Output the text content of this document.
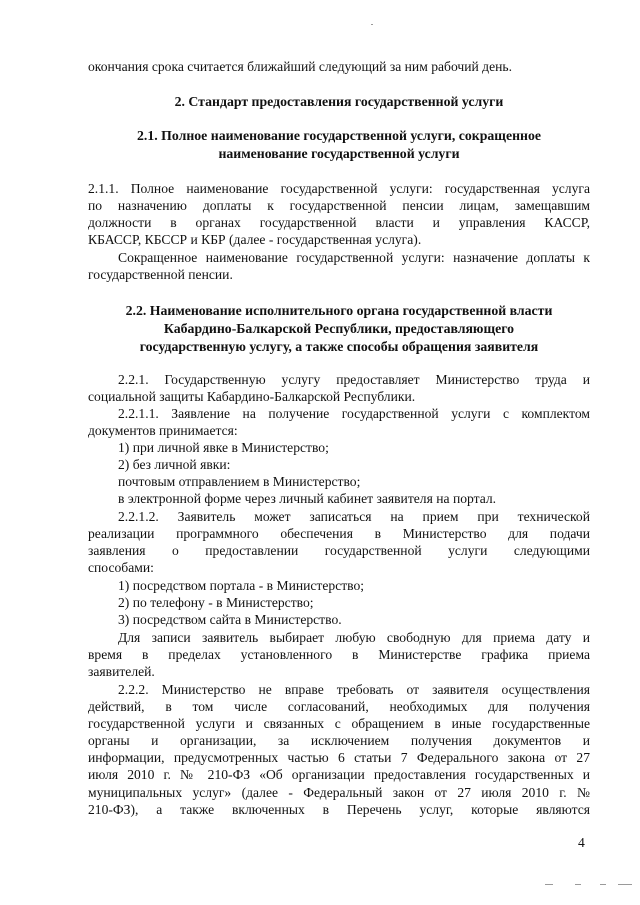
окончания срока считается ближайший следующий за ним рабочий день.

2. Стандарт предоставления государственной услуги
2.1. Полное наименование государственной услуги, сокращенное
наименование государственной услуги

2.1.1. Полное наименование государственной услуги: государственная услуга

по назначению доплаты к государственной пенсии лицам, замещавшим

должности в органах государственной власти и управления КАССР,

КБАССР, КБССР и КБР (далее - государственная услуга).

Сокращенное наименование государственной услуги: назначение доплаты к

государственной пенсии.

2.2. Наименование исполнительного органа государственной власти
Кабардино-Балкарской Республики, предоставляющего
государственную услугу, а также способы обращения заявителя

2.2.1. Государственную услугу предоставляет Министерство труда и

социальной защиты Кабардино-Балкарской Республики.

2.2.1.1. Заявление на получение государственной услуги с комплектом

документов принимается:

1) при личной явке в Министерство;

2) без личной явки:

почтовым отправлением в Министерство;

в электронной форме через личный кабинет заявителя на портал.

2.2.1.2. Заявитель может записаться на прием при технической

реализации программного обеспечения в Министерство для подачи

заявления о предоставлении государственной услуги следующими

способами:

1) посредством портала - в Министерство;

2) по телефону - в Министерство;

3) посредством сайта в Министерство.

Для записи заявитель выбирает любую свободную для приема дату и

время в пределах установленного в Министерстве графика приема

заявителей.

2.2.2. Министерство не вправе требовать от заявителя осуществления

действий, в том числе согласований, необходимых для получения

государственной услуги и связанных с обращением в иные государственные

органы и организации, за исключением получения документов и

информации, предусмотренных частью 6 статьи 7 Федерального закона от 27

июля 2010 г. № 210-ФЗ «Об организации предоставления государственных и

муниципальных услуг» (далее - Федеральный закон от 27 июля 2010 г. №

210-ФЗ), а также включенных в Перечень услуг, которые являются

4
